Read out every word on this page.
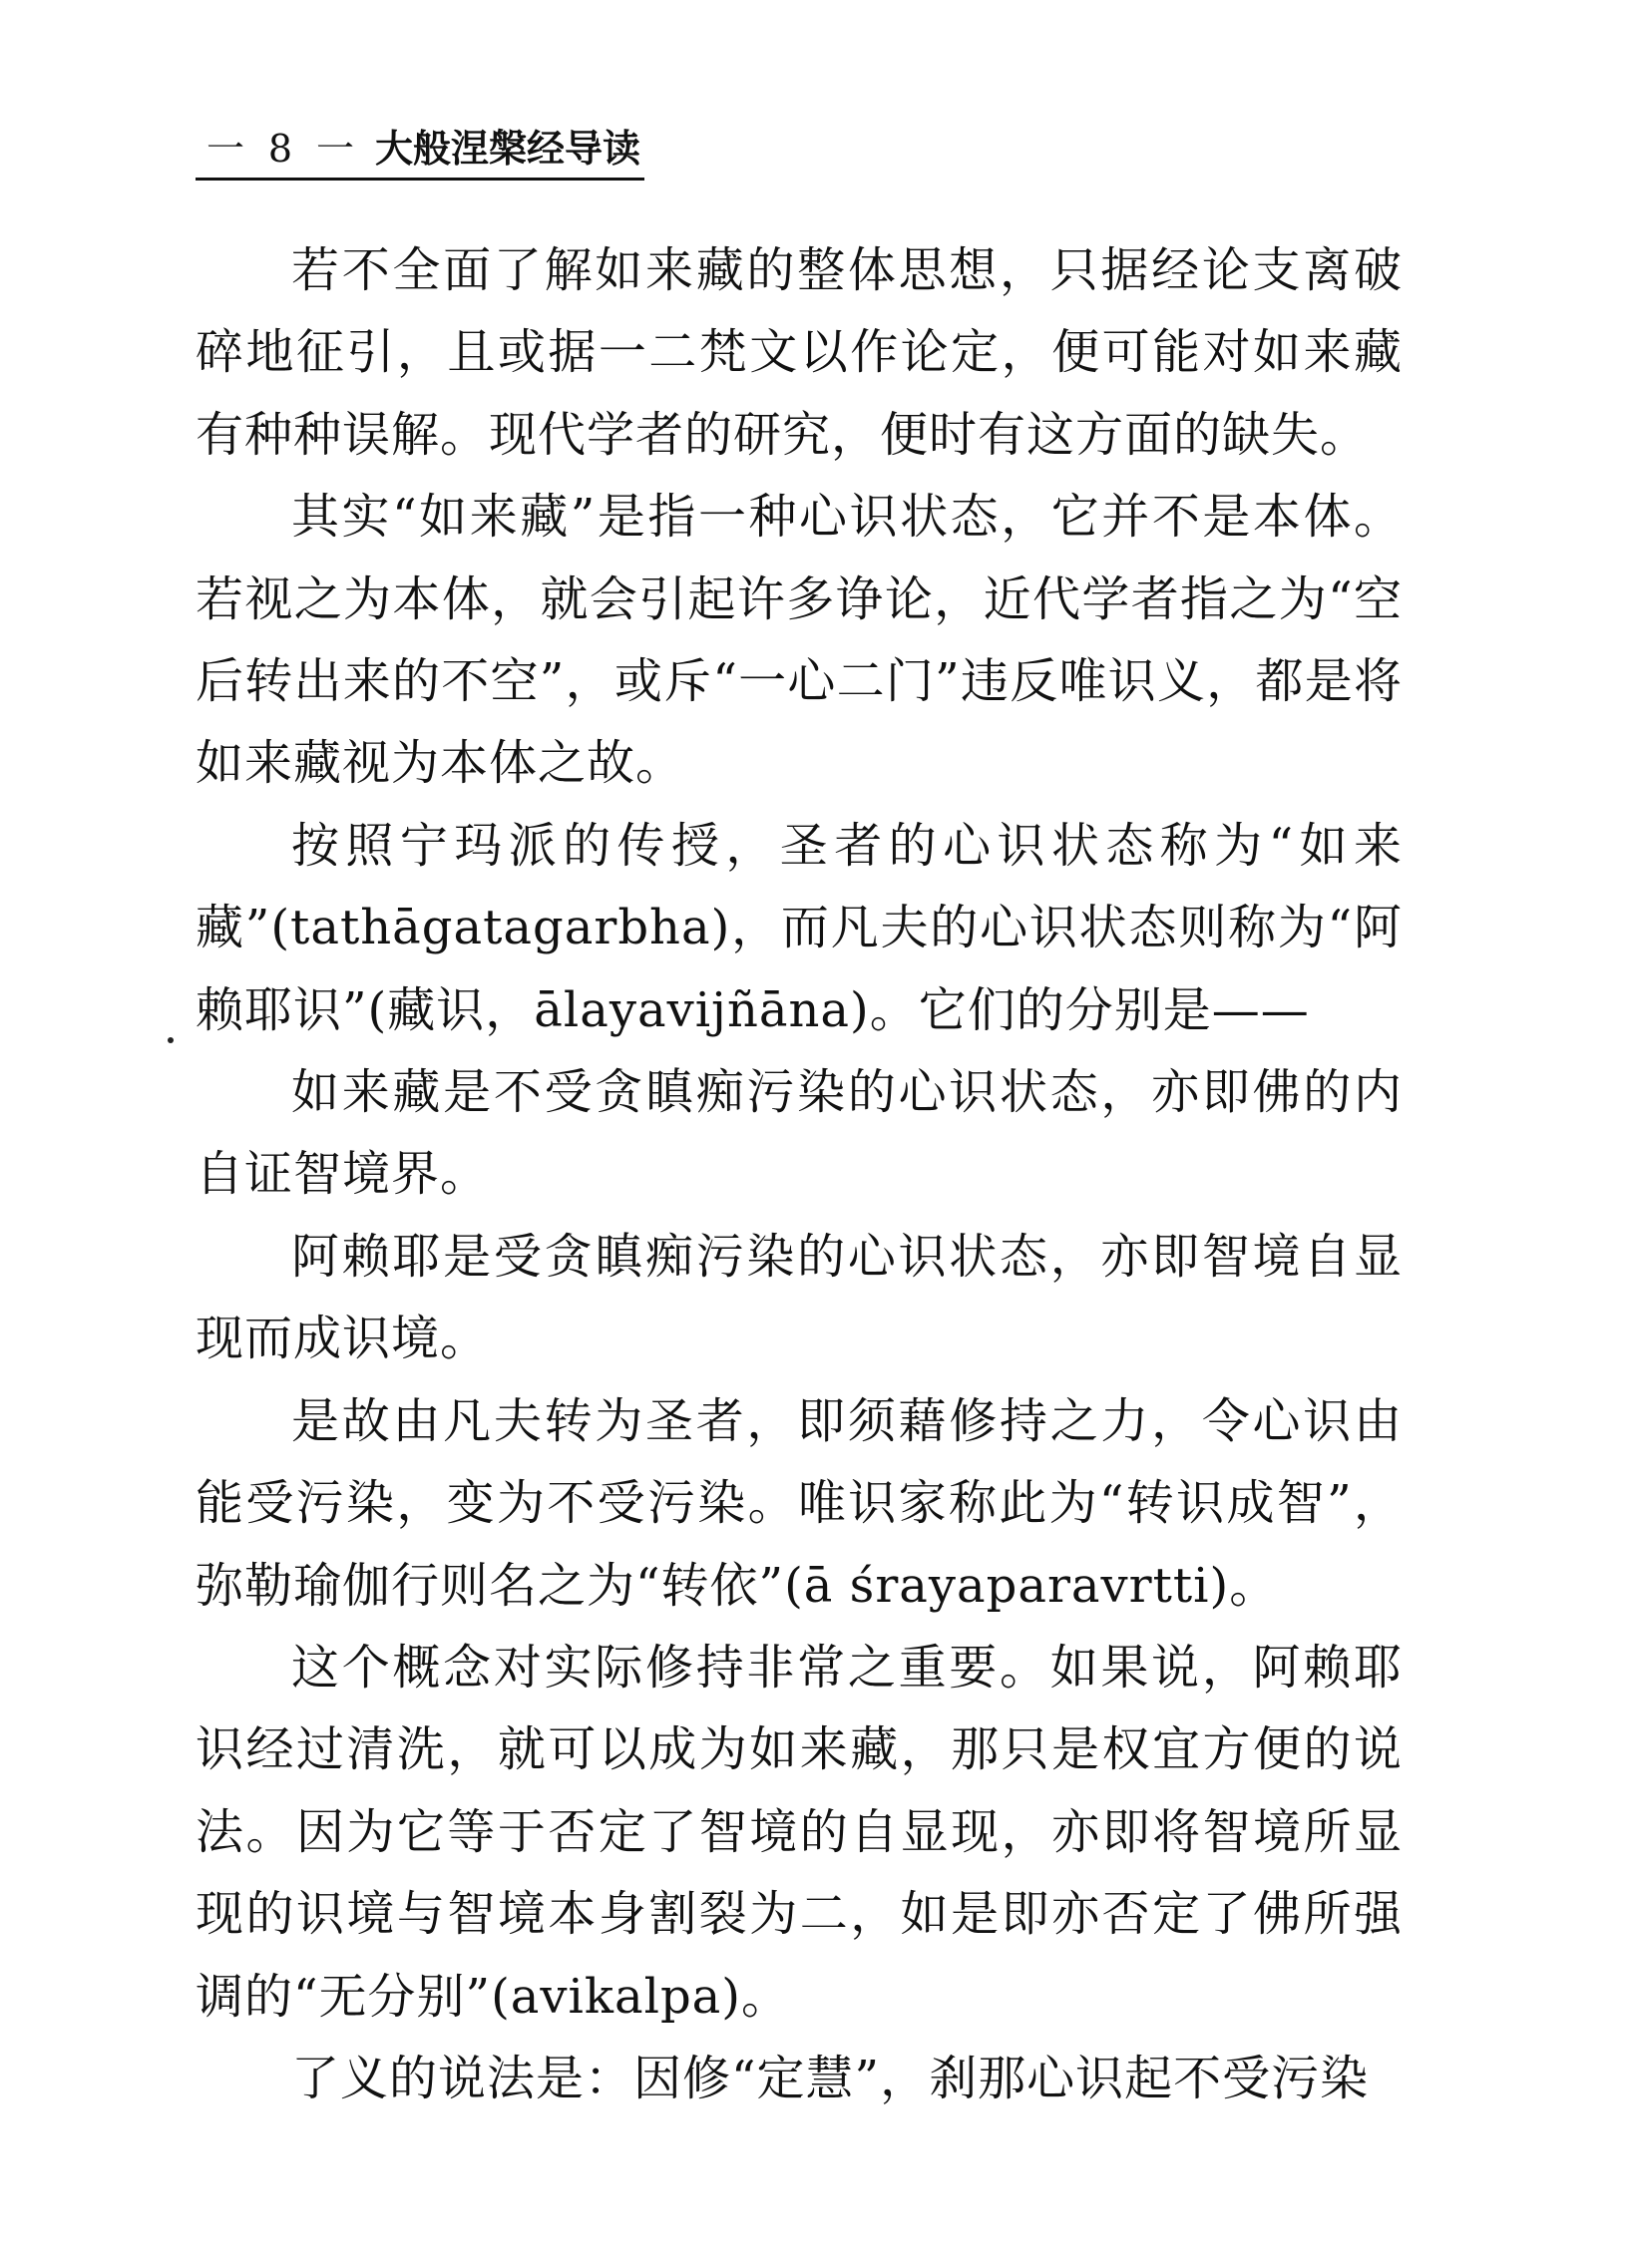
一 8 一 大般涅槃经导读

若不全面了解如来藏的整体思想，只据经论支离破碎地征引，且或据一二梵文以作论定，便可能对如来藏有种种误解。现代学者的研究，便时有这方面的缺失。

其实“如来藏”是指一种心识状态，它并不是本体。若视之为本体，就会引起许多诤论，近代学者指之为“空后转出来的不空”，或斥“一心二门”违反唯识义，都是将如来藏视为本体之故。

按照宁玛派的传授，圣者的心识状态称为“如来藏”(tathāgatagarbha)，而凡夫的心识状态则称为“阿赖耶识”(藏识，ālayavijñāna)。它们的分别是——

如来藏是不受贪瞋痴污染的心识状态，亦即佛的内自证智境界。

阿赖耶是受贪瞋痴污染的心识状态，亦即智境自显现而成识境。

是故由凡夫转为圣者，即须藉修持之力，令心识由能受污染，变为不受污染。唯识家称此为“转识成智”，弥勒瑜伽行则名之为“转依”(ā śrayaparavrtti)。

这个概念对实际修持非常之重要。如果说，阿赖耶识经过清洗，就可以成为如来藏，那只是权宜方便的说法。因为它等于否定了智境的自显现，亦即将智境所显现的识境与智境本身割裂为二，如是即亦否定了佛所强调的“无分别”(avikalpa)。

了义的说法是：因修“定慧”，刹那心识起不受污染
